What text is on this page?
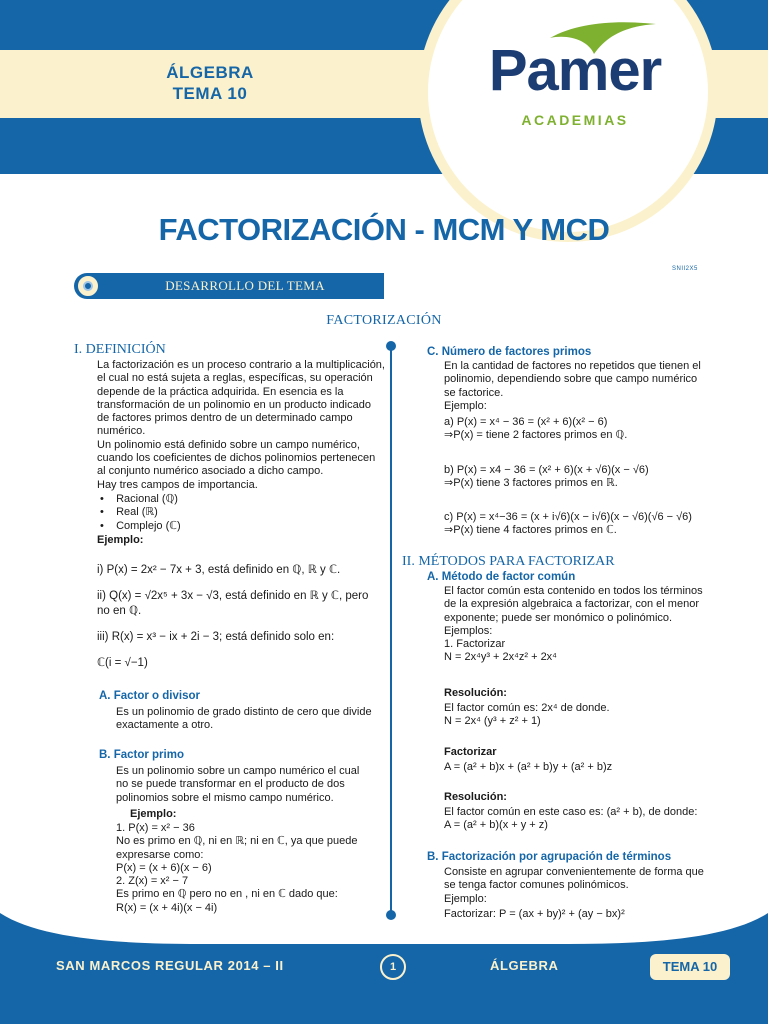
ÁLGEBRA
TEMA 10	Pamer
ACADEMIAS
FACTORIZACIÓN - MCM Y MCD
DESARROLLO DEL TEMA
SNII2X5
FACTORIZACIÓN
I. DEFINICIÓN
La factorización es un proceso contrario a la multiplicación,
el cual no está sujeta a reglas, específicas, su operación
depende de la práctica adquirida. En esencia es la
transformación de un polinomio en un producto indicado
de factores primos dentro de un determinado campo
numérico.
Un polinomio está definido sobre un campo numérico,
cuando los coeficientes de dichos polinomios pertenecen
al conjunto numérico asociado a dicho campo.
Hay tres campos de importancia.
•    Racional (ℚ)
•    Real (ℝ)
•    Complejo (ℂ)
Ejemplo:
i) P(x) = 2x² − 7x + 3, está definido en ℚ, ℝ y ℂ.
ii) Q(x) = √2x⁵ + 3x − √3, está definido en ℝ y ℂ, pero
no en ℚ.
iii) R(x) = x³ − ix + 2i − 3; está definido solo en:
ℂ(i = √−1)
A. Factor o divisor
Es un polinomio de grado distinto de cero que divide
exactamente a otro.
B. Factor primo
Es un polinomio sobre un campo numérico el cual
no se puede transformar en el producto de dos
polinomios sobre el mismo campo numérico.
Ejemplo:
1. P(x) = x² − 36
No es primo en ℚ, ni en ℝ; ni en ℂ, ya que puede
expresarse como:
P(x) = (x + 6)(x − 6)
2. Z(x) = x² − 7
Es primo en ℚ pero no en , ni en ℂ dado que:
R(x) = (x + 4i)(x − 4i)
C. Número de factores primos
En la cantidad de factores no repetidos que tienen el
polinomio, dependiendo sobre que campo numérico
se factorice.
Ejemplo:
a) P(x) = x⁴ − 36 = (x² + 6)(x² − 6)
⇒P(x) = tiene 2 factores primos en ℚ.
b) P(x) = x4 − 36 = (x² + 6)(x + √6)(x − √6)
⇒P(x) tiene 3 factores primos en ℝ.
c) P(x) = x⁴−36 = (x + i√6)(x − i√6)(x − √6)(√6 − √6)
⇒P(x) tiene 4 factores primos en ℂ.
II. MÉTODOS PARA FACTORIZAR
A. Método de factor común
El factor común esta contenido en todos los términos
de la expresión algebraica a factorizar, con el menor
exponente; puede ser monómico o polinómico.
Ejemplos:
1. Factorizar
N = 2x⁴y³ + 2x⁴z² + 2x⁴
Resolución:
El factor común es: 2x⁴ de donde.
N = 2x⁴ (y³ + z² + 1)
Factorizar
A = (a² + b)x + (a² + b)y + (a² + b)z
Resolución:
El factor común en este caso es: (a² + b), de donde:
A = (a² + b)(x + y + z)
B. Factorización por agrupación de términos
Consiste en agrupar convenientemente de forma que
se tenga factor comunes polinómicos.
Ejemplo:
Factorizar: P = (ax + by)² + (ay − bx)²
SAN MARCOS REGULAR 2014 – II	1	ÁLGEBRA	TEMA 10
